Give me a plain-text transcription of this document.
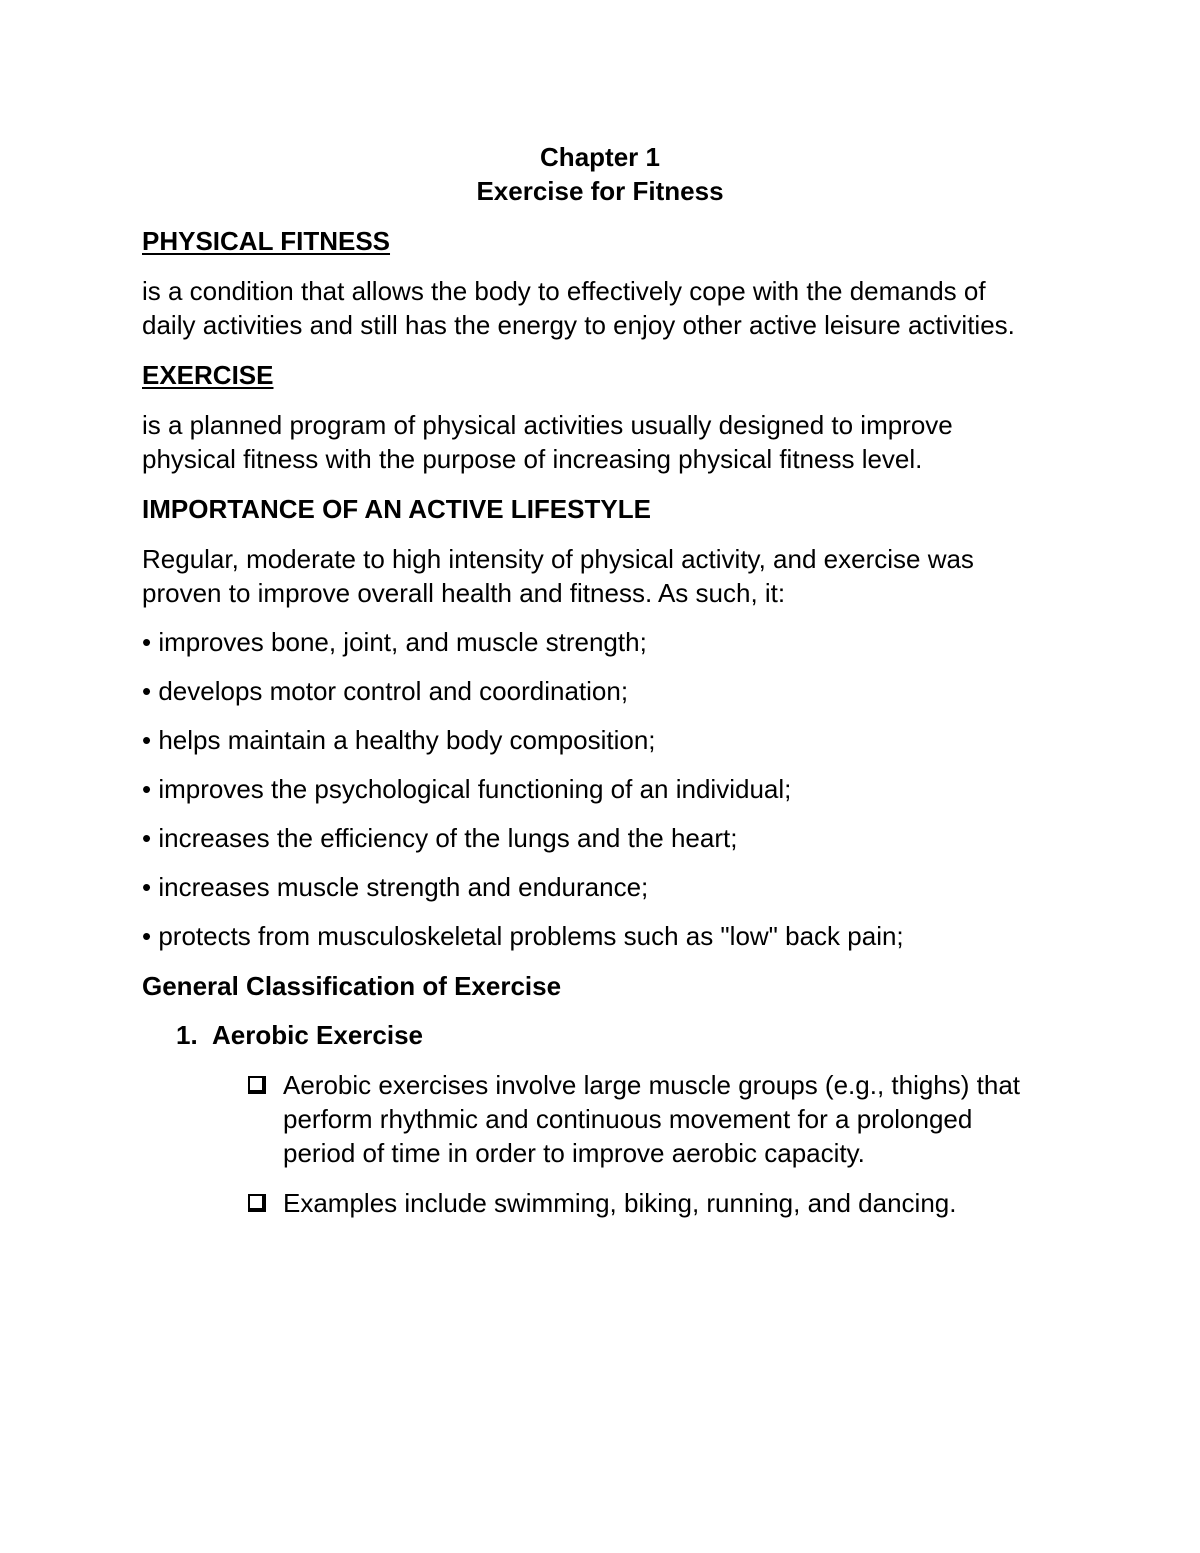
Chapter 1
Exercise for Fitness

PHYSICAL FITNESS

is a condition that allows the body to effectively cope with the demands of daily activities and still has the energy to enjoy other active leisure activities.

EXERCISE

is a planned program of physical activities usually designed to improve physical fitness with the purpose of increasing physical fitness level.

IMPORTANCE OF AN ACTIVE LIFESTYLE

Regular, moderate to high intensity of physical activity, and exercise was proven to improve overall health and fitness. As such, it:

• improves bone, joint, and muscle strength;

• develops motor control and coordination;

• helps maintain a healthy body composition;

• improves the psychological functioning of an individual;

• increases the efficiency of the lungs and the heart;

• increases muscle strength and endurance;

• protects from musculoskeletal problems such as "low" back pain;

General Classification of Exercise

1. Aerobic Exercise

Aerobic exercises involve large muscle groups (e.g., thighs) that perform rhythmic and continuous movement for a prolonged period of time in order to improve aerobic capacity.
Examples include swimming, biking, running, and dancing.
